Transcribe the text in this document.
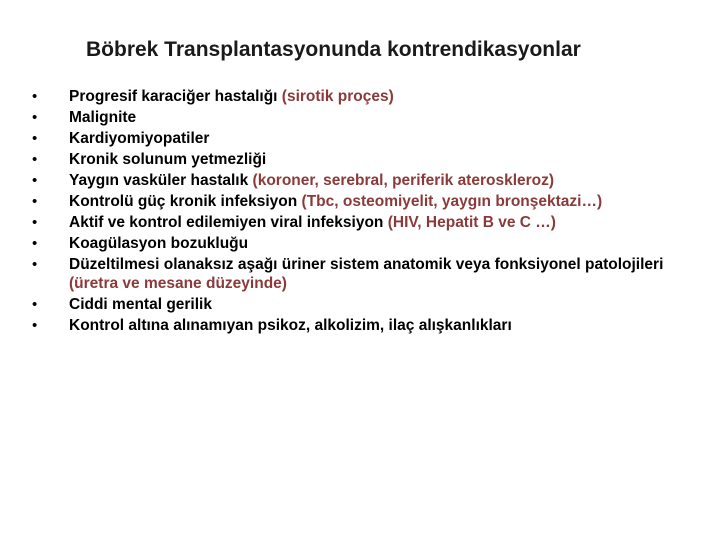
Böbrek Transplantasyonunda kontrendikasyonlar
•	Progresif karaciğer hastalığı (sirotik proçes)
•	Malignite
•	Kardiyomiyopatiler
•	Kronik solunum yetmezliği
•	Yaygın vasküler hastalık (koroner, serebral, periferik ateroskleroz)
•	Kontrolü güç kronik infeksiyon (Tbc, osteomiyelit, yaygın bronşektazi…)
•	Aktif ve kontrol edilemiyen viral infeksiyon (HIV, Hepatit B ve C …)
•	Koagülasyon bozukluğu
•	Düzeltilmesi olanaksız aşağı üriner sistem anatomik veya fonksiyonel patolojileri (üretra ve mesane düzeyinde)
•	Ciddi mental gerilik
•	Kontrol altına alınamıyan psikoz, alkolizim, ilaç alışkanlıkları
